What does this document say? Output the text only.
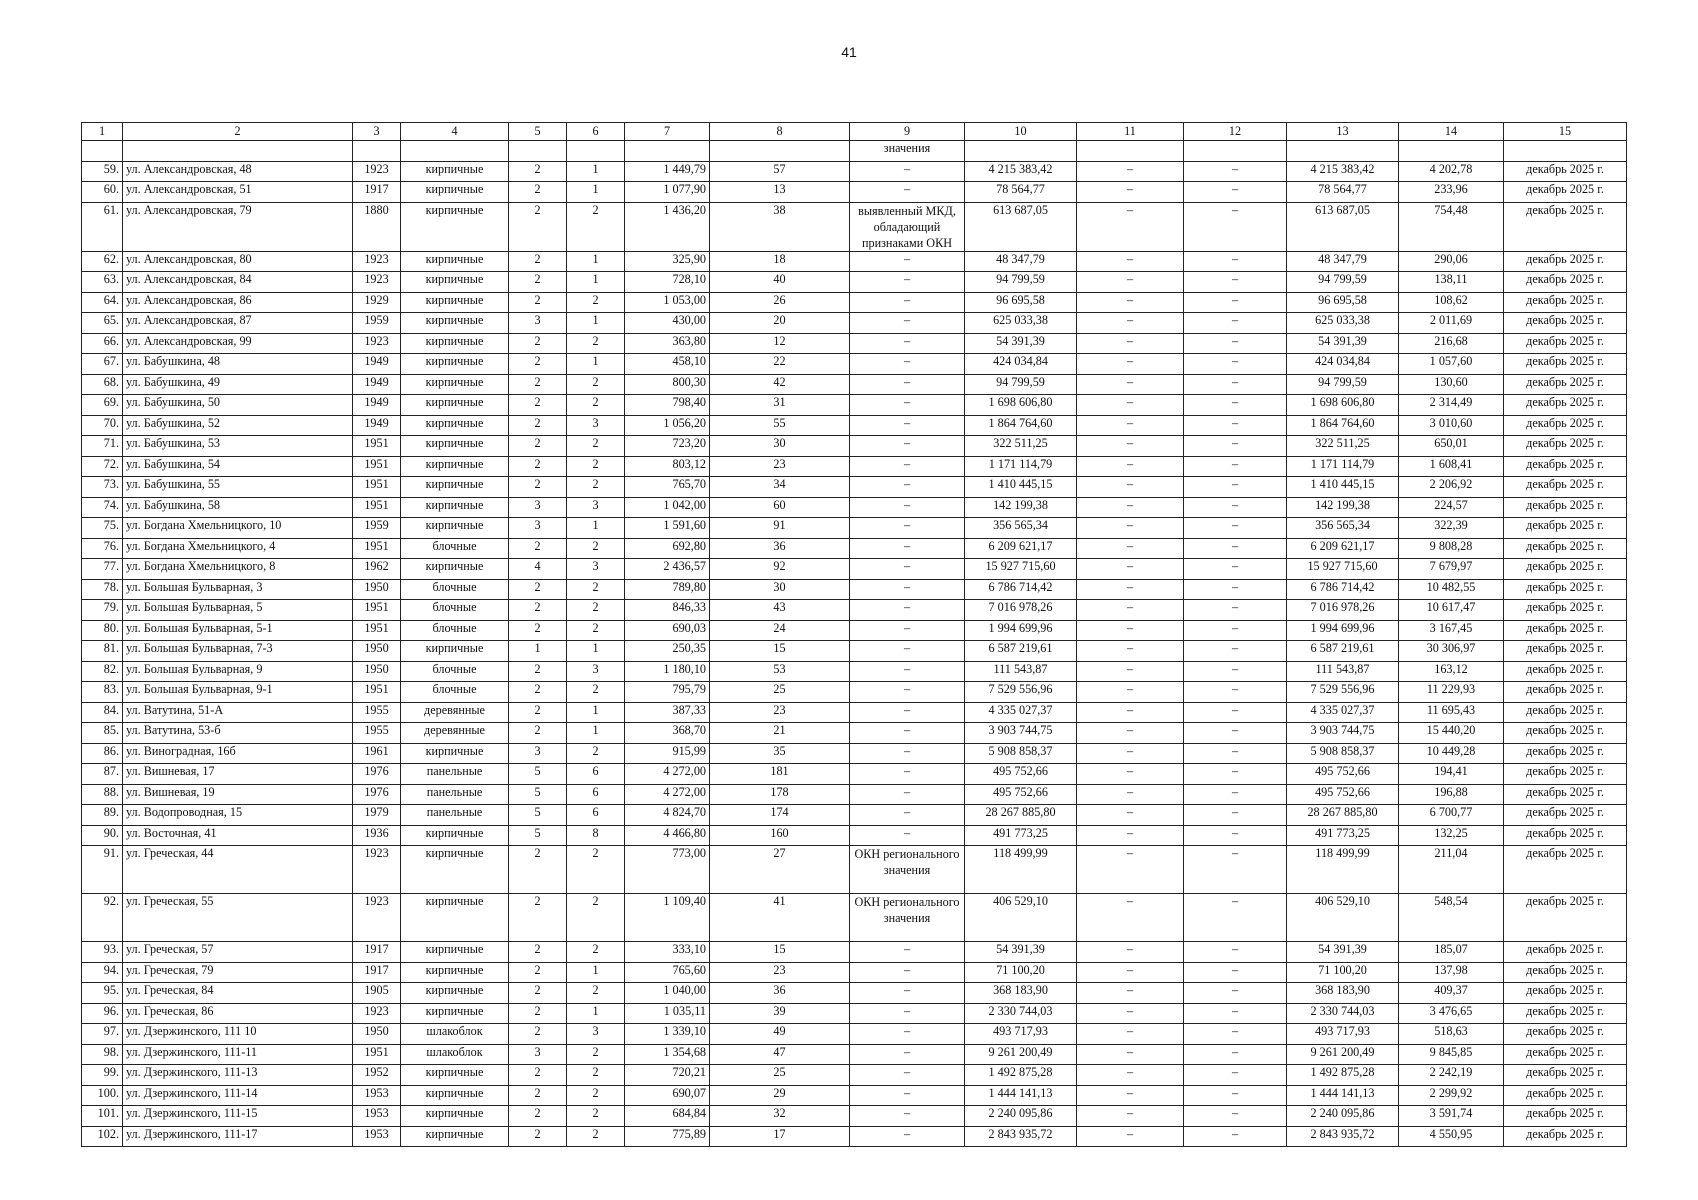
41
1	2	3	4	5	6	7	8	9	10	11	12	13	14	15
								значения						
59.	ул. Александровская, 48	1923	кирпичные	2	1	1 449,79	57	–	4 215 383,42	–	–	4 215 383,42	4 202,78	декабрь 2025 г.
60.	ул. Александровская, 51	1917	кирпичные	2	1	1 077,90	13	–	78 564,77	–	–	78 564,77	233,96	декабрь 2025 г.
61.	ул. Александровская, 79	1880	кирпичные	2	2	1 436,20	38	выявленный МКД, обладающий признаками ОКН	613 687,05	–	–	613 687,05	754,48	декабрь 2025 г.
62.	ул. Александровская, 80	1923	кирпичные	2	1	325,90	18	–	48 347,79	–	–	48 347,79	290,06	декабрь 2025 г.
63.	ул. Александровская, 84	1923	кирпичные	2	1	728,10	40	–	94 799,59	–	–	94 799,59	138,11	декабрь 2025 г.
64.	ул. Александровская, 86	1929	кирпичные	2	2	1 053,00	26	–	96 695,58	–	–	96 695,58	108,62	декабрь 2025 г.
65.	ул. Александровская, 87	1959	кирпичные	3	1	430,00	20	–	625 033,38	–	–	625 033,38	2 011,69	декабрь 2025 г.
66.	ул. Александровская, 99	1923	кирпичные	2	2	363,80	12	–	54 391,39	–	–	54 391,39	216,68	декабрь 2025 г.
67.	ул. Бабушкина, 48	1949	кирпичные	2	1	458,10	22	–	424 034,84	–	–	424 034,84	1 057,60	декабрь 2025 г.
68.	ул. Бабушкина, 49	1949	кирпичные	2	2	800,30	42	–	94 799,59	–	–	94 799,59	130,60	декабрь 2025 г.
69.	ул. Бабушкина, 50	1949	кирпичные	2	2	798,40	31	–	1 698 606,80	–	–	1 698 606,80	2 314,49	декабрь 2025 г.
70.	ул. Бабушкина, 52	1949	кирпичные	2	3	1 056,20	55	–	1 864 764,60	–	–	1 864 764,60	3 010,60	декабрь 2025 г.
71.	ул. Бабушкина, 53	1951	кирпичные	2	2	723,20	30	–	322 511,25	–	–	322 511,25	650,01	декабрь 2025 г.
72.	ул. Бабушкина, 54	1951	кирпичные	2	2	803,12	23	–	1 171 114,79	–	–	1 171 114,79	1 608,41	декабрь 2025 г.
73.	ул. Бабушкина, 55	1951	кирпичные	2	2	765,70	34	–	1 410 445,15	–	–	1 410 445,15	2 206,92	декабрь 2025 г.
74.	ул. Бабушкина, 58	1951	кирпичные	3	3	1 042,00	60	–	142 199,38	–	–	142 199,38	224,57	декабрь 2025 г.
75.	ул. Богдана Хмельницкого, 10	1959	кирпичные	3	1	1 591,60	91	–	356 565,34	–	–	356 565,34	322,39	декабрь 2025 г.
76.	ул. Богдана Хмельницкого, 4	1951	блочные	2	2	692,80	36	–	6 209 621,17	–	–	6 209 621,17	9 808,28	декабрь 2025 г.
77.	ул. Богдана Хмельницкого, 8	1962	кирпичные	4	3	2 436,57	92	–	15 927 715,60	–	–	15 927 715,60	7 679,97	декабрь 2025 г.
78.	ул. Большая Бульварная, 3	1950	блочные	2	2	789,80	30	–	6 786 714,42	–	–	6 786 714,42	10 482,55	декабрь 2025 г.
79.	ул. Большая Бульварная, 5	1951	блочные	2	2	846,33	43	–	7 016 978,26	–	–	7 016 978,26	10 617,47	декабрь 2025 г.
80.	ул. Большая Бульварная, 5-1	1951	блочные	2	2	690,03	24	–	1 994 699,96	–	–	1 994 699,96	3 167,45	декабрь 2025 г.
81.	ул. Большая Бульварная, 7-3	1950	кирпичные	1	1	250,35	15	–	6 587 219,61	–	–	6 587 219,61	30 306,97	декабрь 2025 г.
82.	ул. Большая Бульварная, 9	1950	блочные	2	3	1 180,10	53	–	111 543,87	–	–	111 543,87	163,12	декабрь 2025 г.
83.	ул. Большая Бульварная, 9-1	1951	блочные	2	2	795,79	25	–	7 529 556,96	–	–	7 529 556,96	11 229,93	декабрь 2025 г.
84.	ул. Ватутина, 51-А	1955	деревянные	2	1	387,33	23	–	4 335 027,37	–	–	4 335 027,37	11 695,43	декабрь 2025 г.
85.	ул. Ватутина, 53-б	1955	деревянные	2	1	368,70	21	–	3 903 744,75	–	–	3 903 744,75	15 440,20	декабрь 2025 г.
86.	ул. Виноградная, 16б	1961	кирпичные	3	2	915,99	35	–	5 908 858,37	–	–	5 908 858,37	10 449,28	декабрь 2025 г.
87.	ул. Вишневая, 17	1976	панельные	5	6	4 272,00	181	–	495 752,66	–	–	495 752,66	194,41	декабрь 2025 г.
88.	ул. Вишневая, 19	1976	панельные	5	6	4 272,00	178	–	495 752,66	–	–	495 752,66	196,88	декабрь 2025 г.
89.	ул. Водопроводная, 15	1979	панельные	5	6	4 824,70	174	–	28 267 885,80	–	–	28 267 885,80	6 700,77	декабрь 2025 г.
90.	ул. Восточная, 41	1936	кирпичные	5	8	4 466,80	160	–	491 773,25	–	–	491 773,25	132,25	декабрь 2025 г.
91.	ул. Греческая, 44	1923	кирпичные	2	2	773,00	27	ОКН регионального значения	118 499,99	–	–	118 499,99	211,04	декабрь 2025 г.
92.	ул. Греческая, 55	1923	кирпичные	2	2	1 109,40	41	ОКН регионального значения	406 529,10	–	–	406 529,10	548,54	декабрь 2025 г.
93.	ул. Греческая, 57	1917	кирпичные	2	2	333,10	15	–	54 391,39	–	–	54 391,39	185,07	декабрь 2025 г.
94.	ул. Греческая, 79	1917	кирпичные	2	1	765,60	23	–	71 100,20	–	–	71 100,20	137,98	декабрь 2025 г.
95.	ул. Греческая, 84	1905	кирпичные	2	2	1 040,00	36	–	368 183,90	–	–	368 183,90	409,37	декабрь 2025 г.
96.	ул. Греческая, 86	1923	кирпичные	2	1	1 035,11	39	–	2 330 744,03	–	–	2 330 744,03	3 476,65	декабрь 2025 г.
97.	ул. Дзержинского, 111 10	1950	шлакоблок	2	3	1 339,10	49	–	493 717,93	–	–	493 717,93	518,63	декабрь 2025 г.
98.	ул. Дзержинского, 111-11	1951	шлакоблок	3	2	1 354,68	47	–	9 261 200,49	–	–	9 261 200,49	9 845,85	декабрь 2025 г.
99.	ул. Дзержинского, 111-13	1952	кирпичные	2	2	720,21	25	–	1 492 875,28	–	–	1 492 875,28	2 242,19	декабрь 2025 г.
100.	ул. Дзержинского, 111-14	1953	кирпичные	2	2	690,07	29	–	1 444 141,13	–	–	1 444 141,13	2 299,92	декабрь 2025 г.
101.	ул. Дзержинского, 111-15	1953	кирпичные	2	2	684,84	32	–	2 240 095,86	–	–	2 240 095,86	3 591,74	декабрь 2025 г.
102.	ул. Дзержинского, 111-17	1953	кирпичные	2	2	775,89	17	–	2 843 935,72	–	–	2 843 935,72	4 550,95	декабрь 2025 г.
